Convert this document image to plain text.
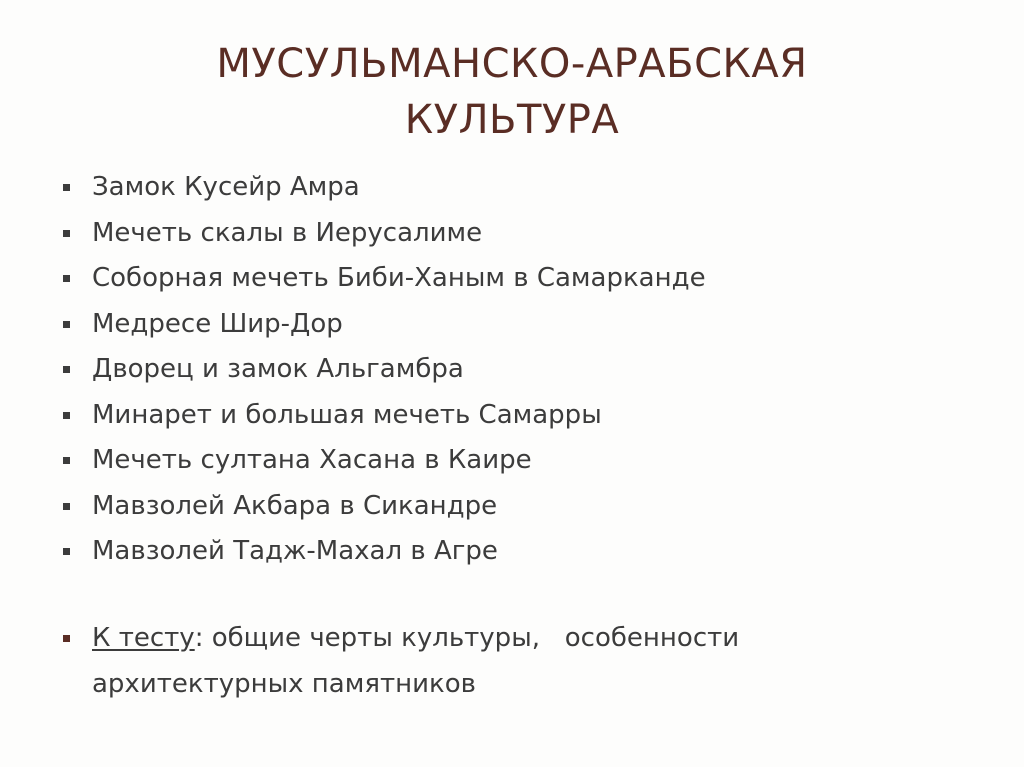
МУСУЛЬМАНСКО-АРАБСКАЯ
КУЛЬТУРА
Замок Кусейр Амра
Мечеть скалы в Иерусалиме
Соборная мечеть Биби-Ханым в Самарканде
Медресе Шир-Дор
Дворец и замок Альгамбра
Минарет и большая мечеть Самарры
Мечеть султана Хасана в Каире
Мавзолей Акбара в Сикандре
Мавзолей Тадж-Махал в Агре
К тесту: общие черты культуры,   особенности
архитектурных памятников
